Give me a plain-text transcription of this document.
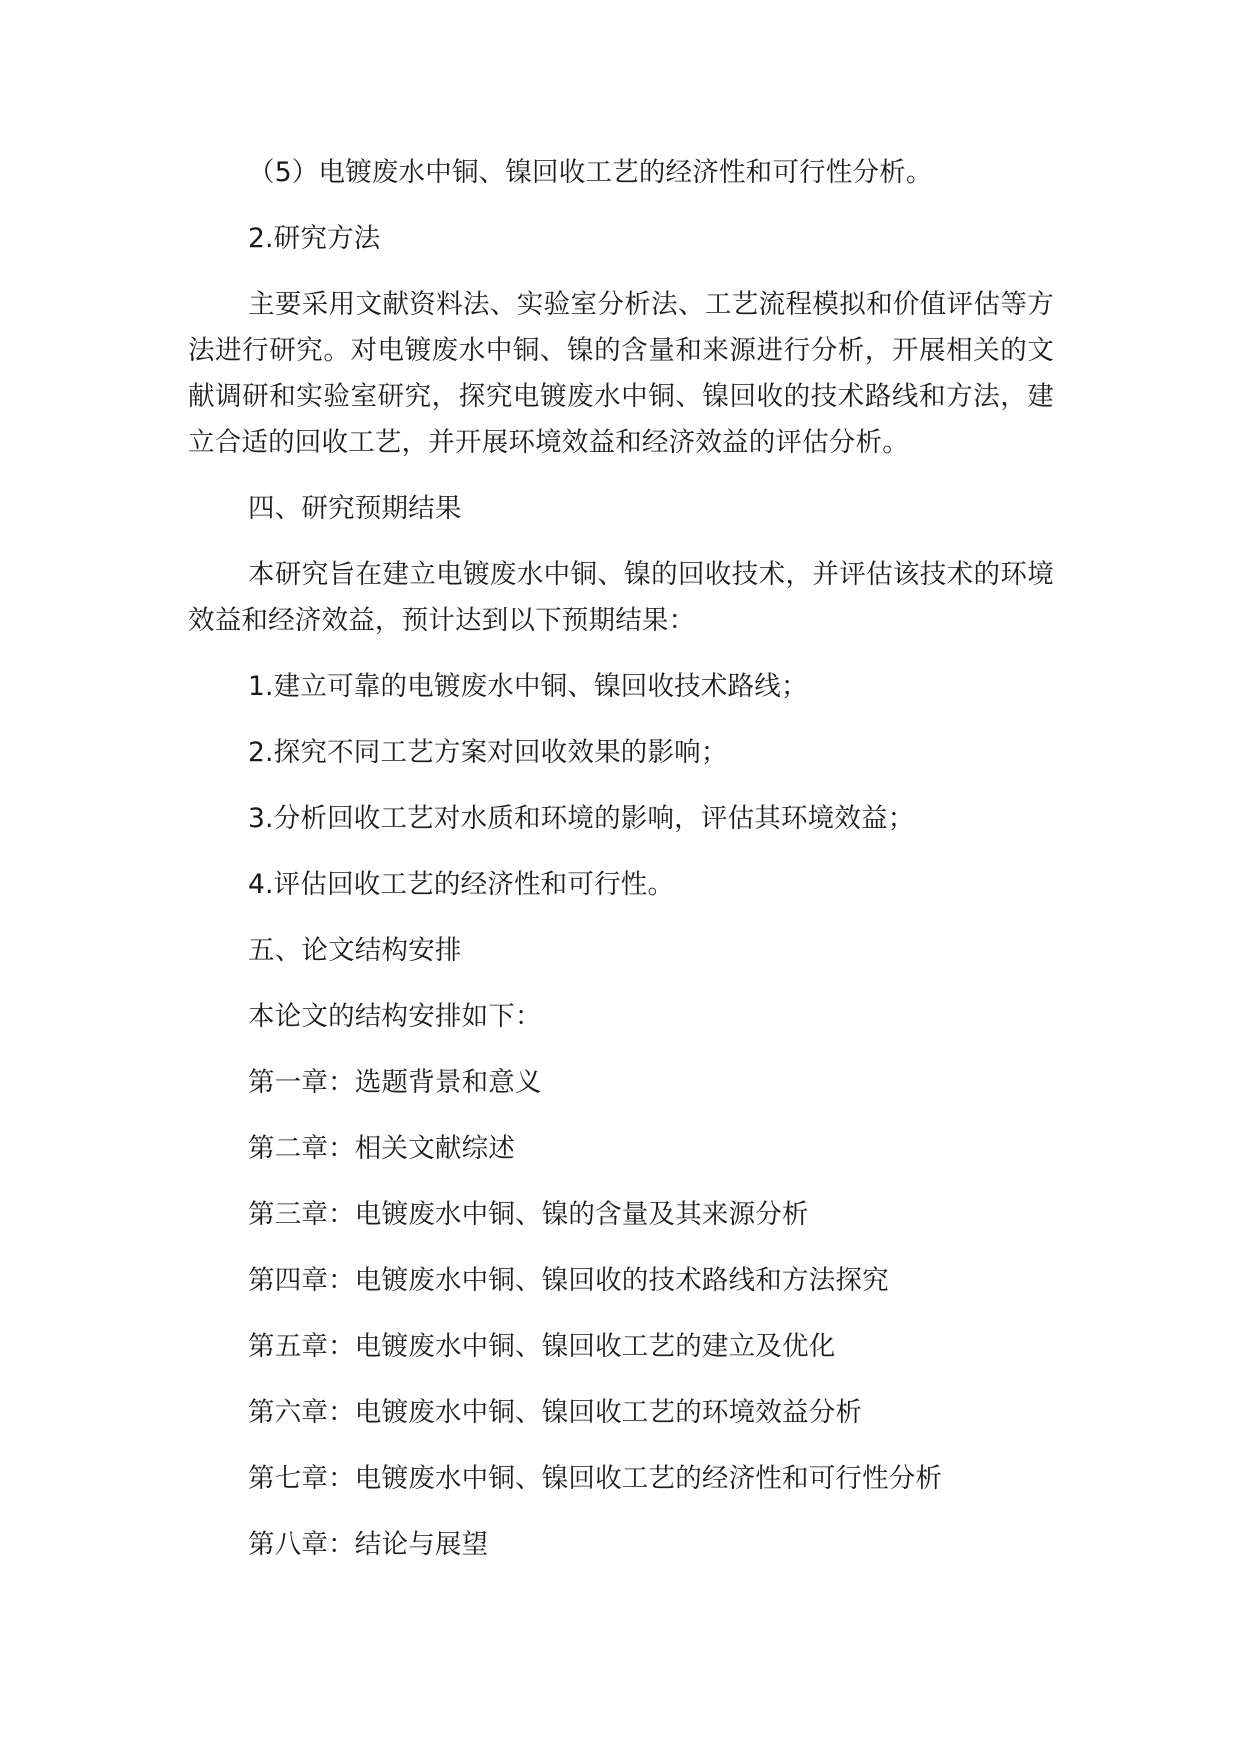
（5）电镀废水中铜、镍回收工艺的经济性和可行性分析。

2.研究方法

主要采用文献资料法、实验室分析法、工艺流程模拟和价值评估等方法进行研究。对电镀废水中铜、镍的含量和来源进行分析，开展相关的文献调研和实验室研究，探究电镀废水中铜、镍回收的技术路线和方法，建立合适的回收工艺，并开展环境效益和经济效益的评估分析。

四、研究预期结果

本研究旨在建立电镀废水中铜、镍的回收技术，并评估该技术的环境效益和经济效益，预计达到以下预期结果：

1.建立可靠的电镀废水中铜、镍回收技术路线；

2.探究不同工艺方案对回收效果的影响；

3.分析回收工艺对水质和环境的影响，评估其环境效益；

4.评估回收工艺的经济性和可行性。

五、论文结构安排

本论文的结构安排如下：

第一章：选题背景和意义

第二章：相关文献综述

第三章：电镀废水中铜、镍的含量及其来源分析

第四章：电镀废水中铜、镍回收的技术路线和方法探究

第五章：电镀废水中铜、镍回收工艺的建立及优化

第六章：电镀废水中铜、镍回收工艺的环境效益分析

第七章：电镀废水中铜、镍回收工艺的经济性和可行性分析

第八章：结论与展望
